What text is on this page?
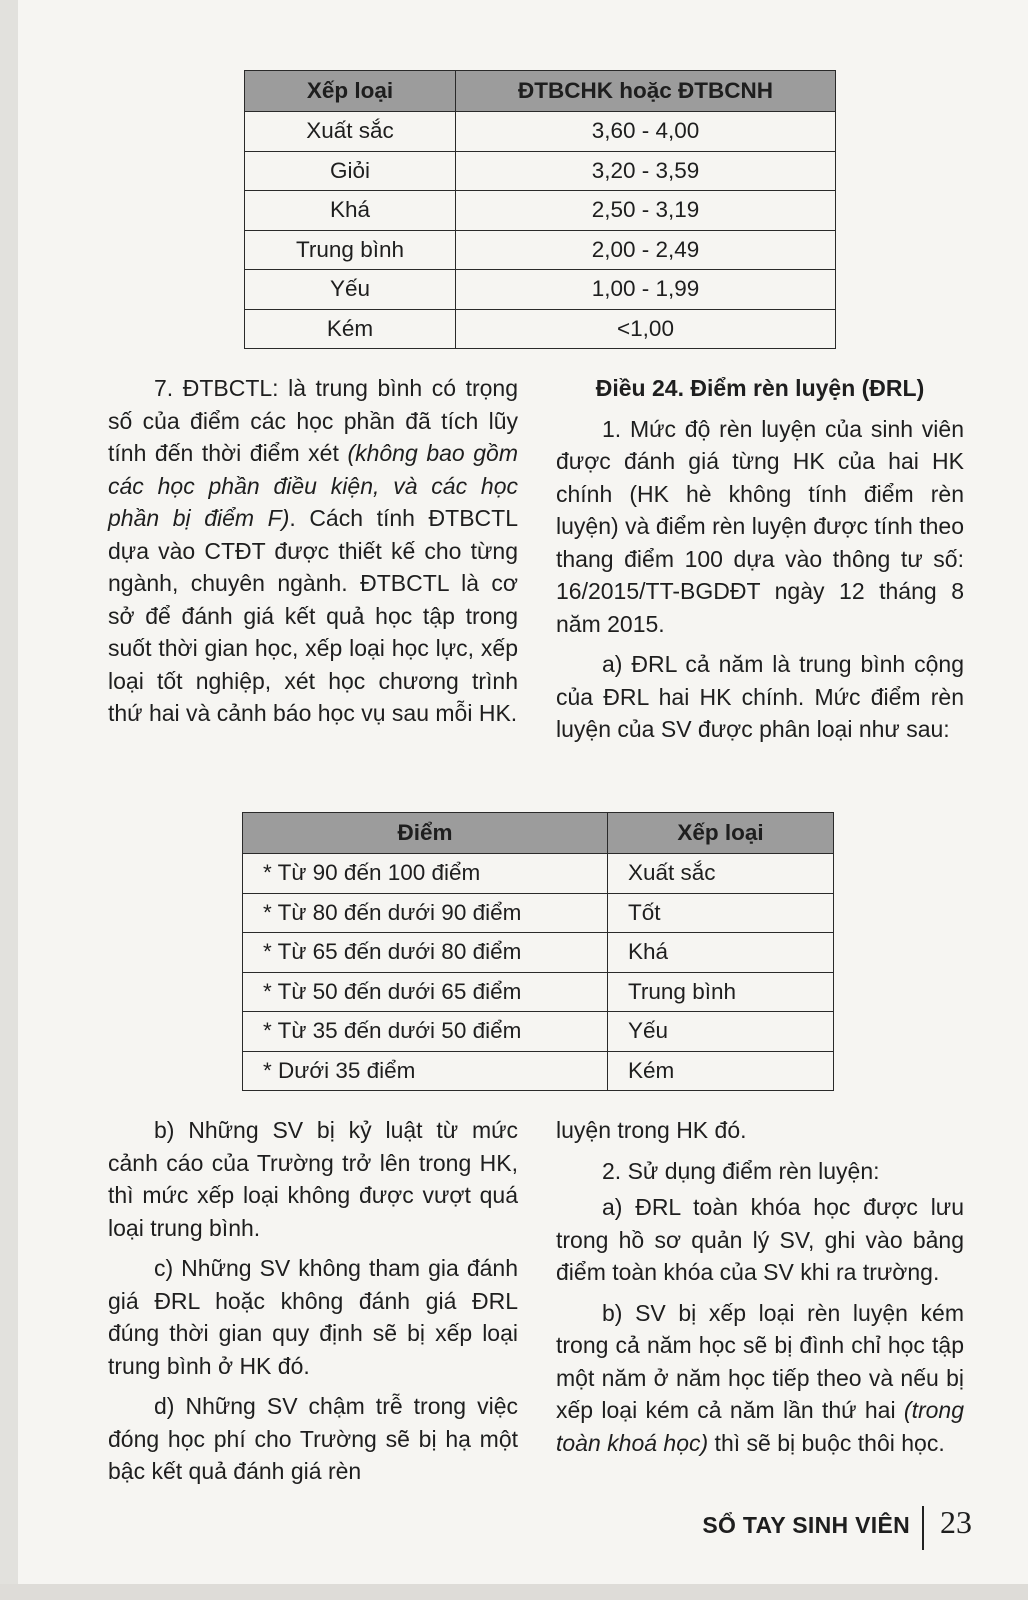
Xếp loại	ĐTBCHK hoặc ĐTBCNH
Xuất sắc	3,60 - 4,00
Giỏi	3,20 - 3,59
Khá	2,50 - 3,19
Trung bình	2,00 - 2,49
Yếu	1,00 - 1,99
Kém	<1,00

7. ĐTBCTL: là trung bình có trọng số của điểm các học phần đã tích lũy tính đến thời điểm xét (không bao gồm các học phần điều kiện, và các học phần bị điểm F). Cách tính ĐTBCTL dựa vào CTĐT được thiết kế cho từng ngành, chuyên ngành. ĐTBCTL là cơ sở để đánh giá kết quả học tập trong suốt thời gian học, xếp loại học lực, xếp loại tốt nghiệp, xét học chương trình thứ hai và cảnh báo học vụ sau mỗi HK.

Điều 24. Điểm rèn luyện (ĐRL)

1. Mức độ rèn luyện của sinh viên được đánh giá từng HK của hai HK chính (HK hè không tính điểm rèn luyện) và điểm rèn luyện được tính theo thang điểm 100 dựa vào thông tư số: 16/2015/TT-BGDĐT ngày 12 tháng 8 năm 2015.

a) ĐRL cả năm là trung bình cộng của ĐRL hai HK chính. Mức điểm rèn luyện của SV được phân loại như sau:

Điểm	Xếp loại
* Từ 90 đến 100 điểm	Xuất sắc
* Từ 80 đến dưới 90 điểm	Tốt
* Từ 65 đến dưới 80 điểm	Khá
* Từ 50 đến dưới 65 điểm	Trung bình
* Từ 35 đến dưới 50 điểm	Yếu
* Dưới 35 điểm	Kém

b) Những SV bị kỷ luật từ mức cảnh cáo của Trường trở lên trong HK, thì mức xếp loại không được vượt quá loại trung bình.

c) Những SV không tham gia đánh giá ĐRL hoặc không đánh giá ĐRL đúng thời gian quy định sẽ bị xếp loại trung bình ở HK đó.

d) Những SV chậm trễ trong việc đóng học phí cho Trường sẽ bị hạ một bậc kết quả đánh giá rèn

luyện trong HK đó.

2. Sử dụng điểm rèn luyện:

a) ĐRL toàn khóa học được lưu trong hồ sơ quản lý SV, ghi vào bảng điểm toàn khóa của SV khi ra trường.

b) SV bị xếp loại rèn luyện kém trong cả năm học sẽ bị đình chỉ học tập một năm ở năm học tiếp theo và nếu bị xếp loại kém cả năm lần thứ hai (trong toàn khoá học) thì sẽ bị buộc thôi học.

SỔ TAY SINH VIÊN 23
